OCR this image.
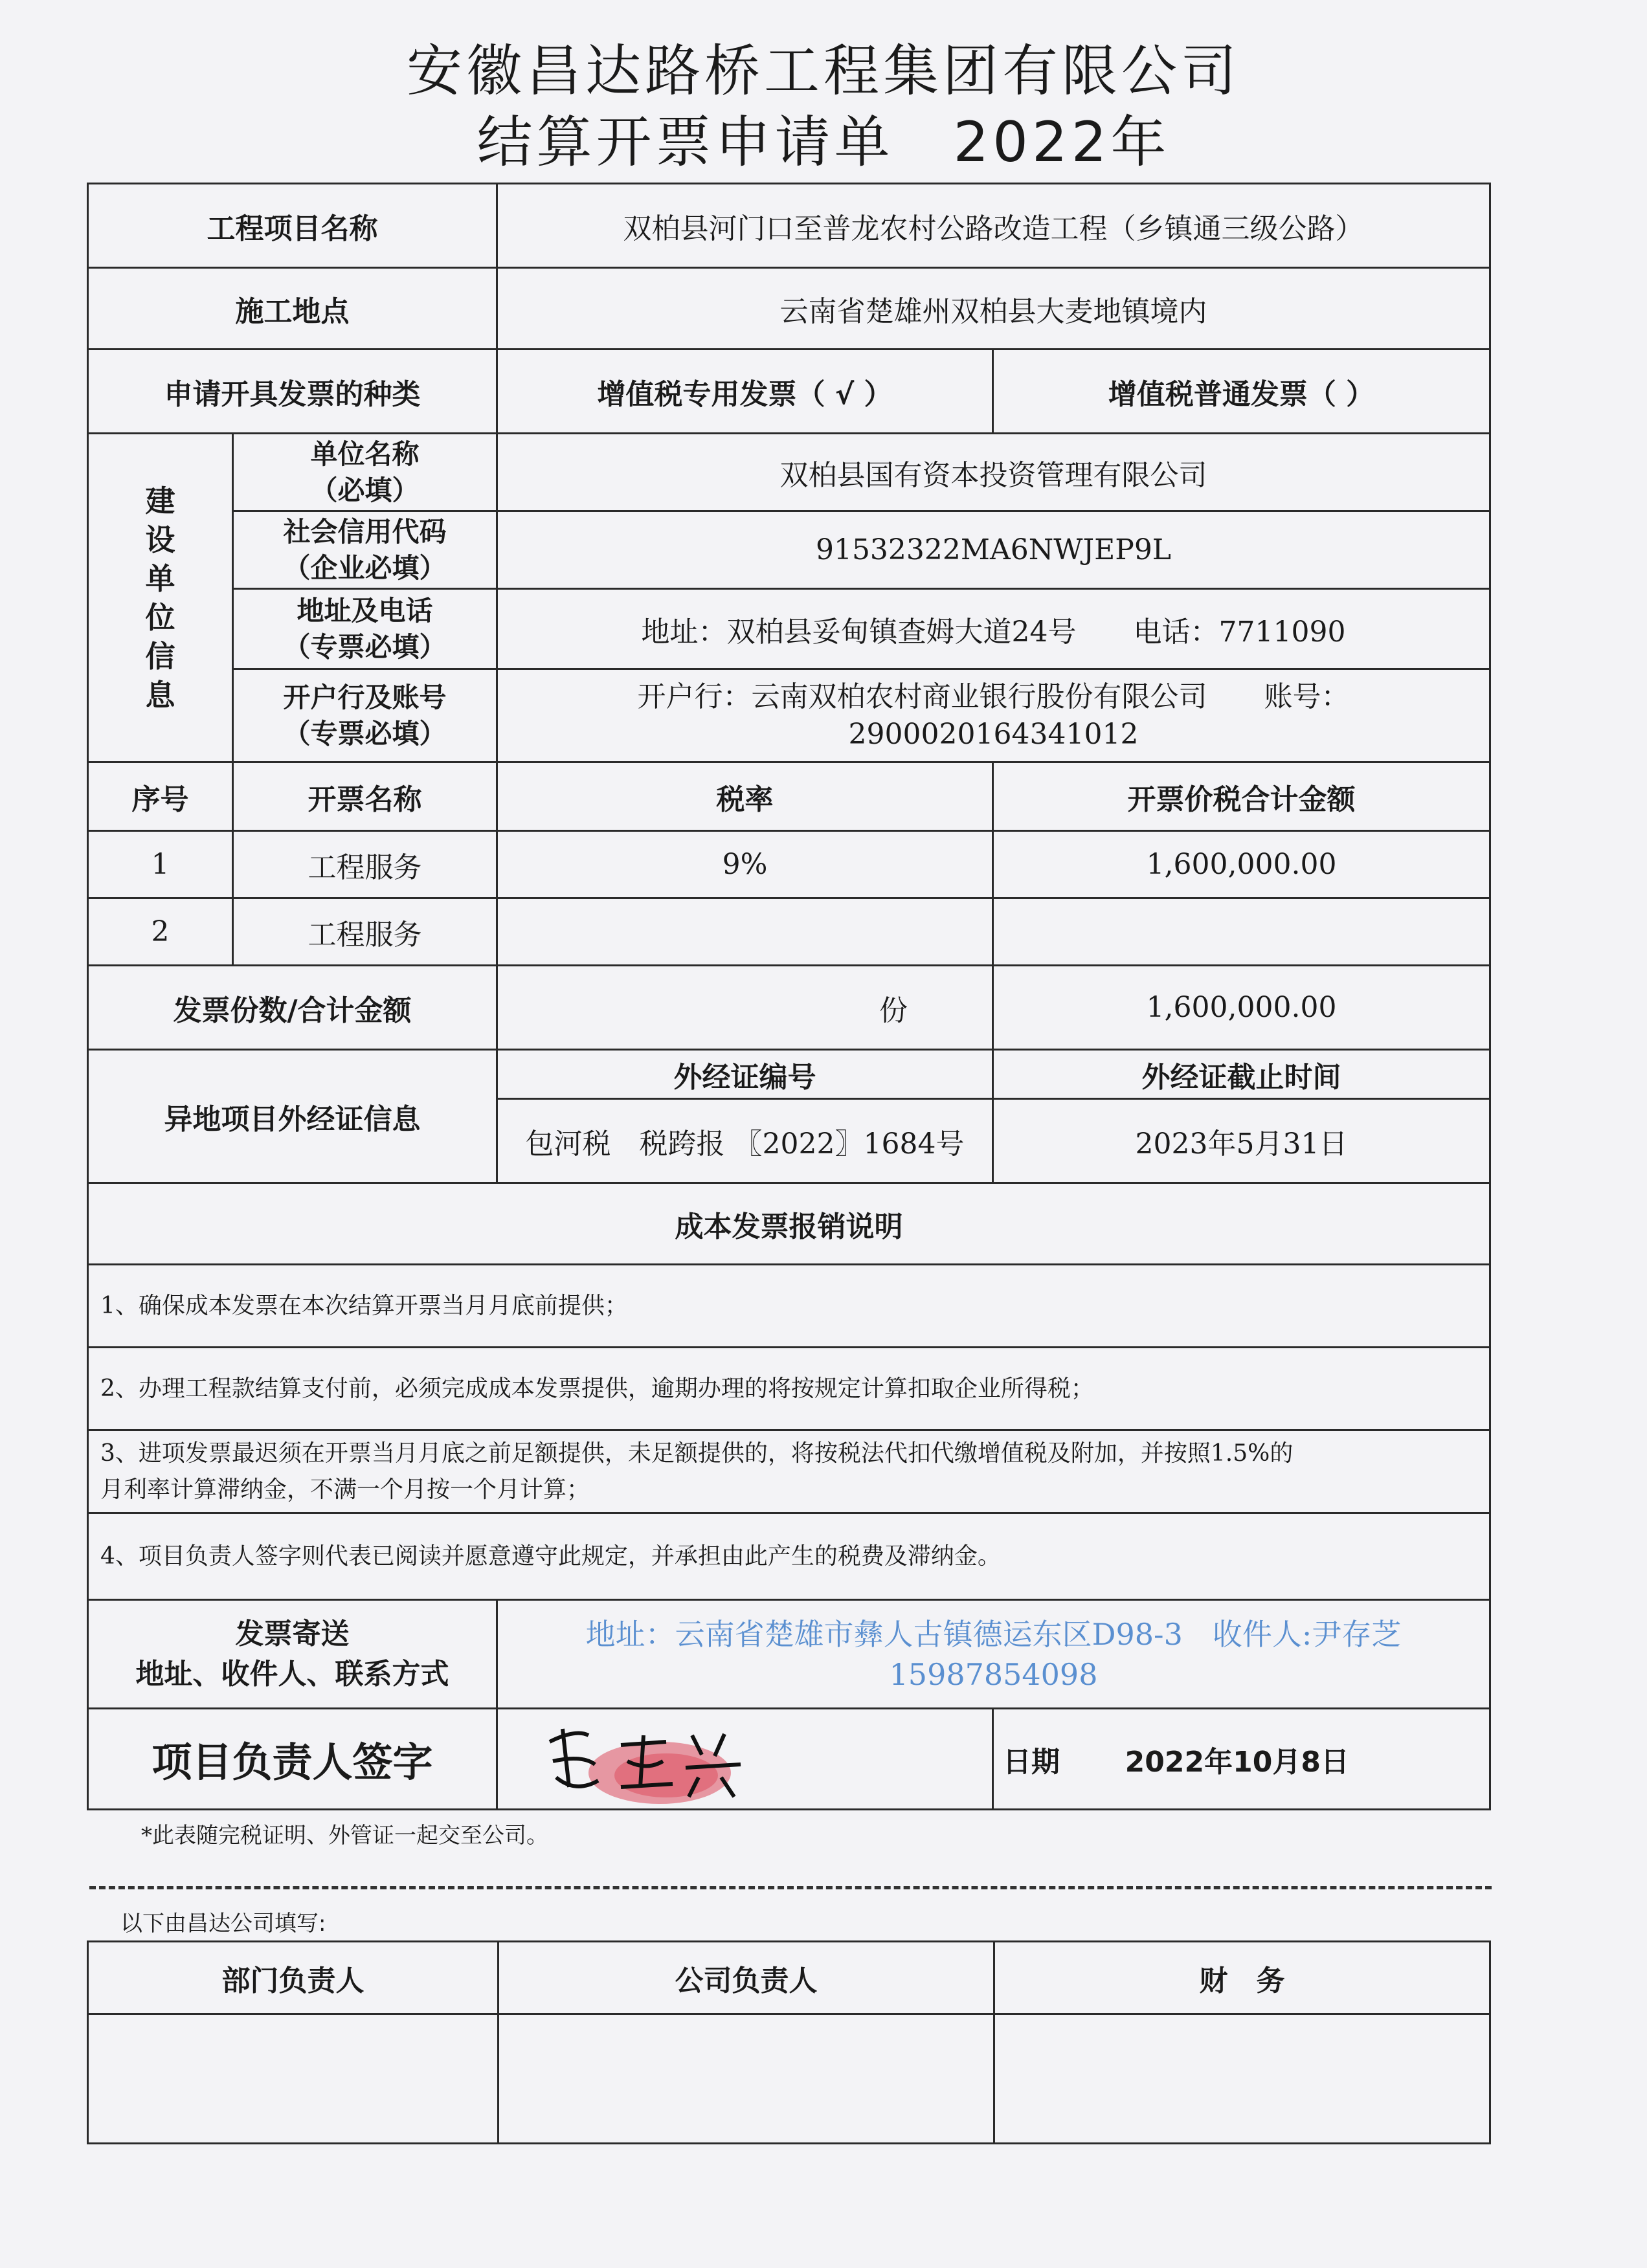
安徽昌达路桥工程集团有限公司
结算开票申请单　2022年
工程项目名称		双柏县河门口至普龙农村公路改造工程（乡镇通三级公路）	
施工地点		云南省楚雄州双柏县大麦地镇境内	
申请开具发票的种类		增值税专用发票（ √ ）	增值税普通发票（ ）
建设单位信息	单位名称
（必填）	双柏县国有资本投资管理有限公司	
	社会信用代码
（企业必填）	91532322MA6NWJEP9L	
	地址及电话
（专票必填）	地址：双柏县妥甸镇查姆大道24号　　电话：7711090	
	开户行及账号
（专票必填）	开户行：云南双柏农村商业银行股份有限公司　　账号：
2900020164341012	
序号	开票名称	税率	开票价税合计金额
1	工程服务	9%	1,600,000.00
2	工程服务		
发票份数/合计金额		份	1,600,000.00
异地项目外经证信息		外经证编号	外经证截止时间
		包河税　税跨报 〖2022〗1684号	2023年5月31日
成本发票报销说明			
1、确保成本发票在本次结算开票当月月底前提供；			
2、办理工程款结算支付前，必须完成成本发票提供，逾期办理的将按规定计算扣取企业所得税；			
3、进项发票最迟须在开票当月月底之前足额提供，未足额提供的，将按税法代扣代缴增值税及附加，并按照1.5%的
月利率计算滞纳金，不满一个月按一个月计算；			
4、项目负责人签字则代表已阅读并愿意遵守此规定，并承担由此产生的税费及滞纳金。			
发票寄送
地址、收件人、联系方式		地址：云南省楚雄市彝人古镇德运东区D98-3　收件人:尹存芝
15987854098	
项目负责人签字			日期 2022年10月8日
*此表随完税证明、外管证一起交至公司。
以下由昌达公司填写:
部门负责人	公司负责人	财　务
